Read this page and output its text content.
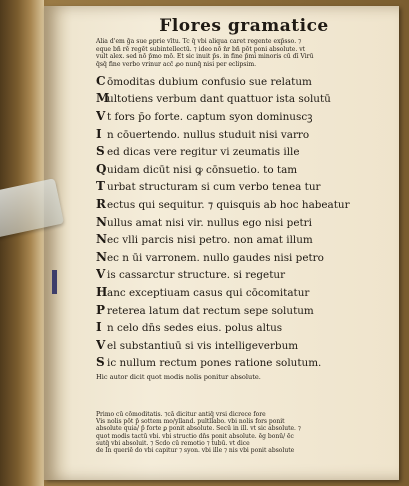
Flores gramatice
Alia d'em ḡa sue ꝑprie vītu. Tc q̄ vbi aliqua caret regente exp̄sso. ⁊
eque bñ rē regēt subintellectū. ⁊ ideo nō n̄r bñ pōt poni absolute. vt
vult alex. sed nō p̄mo mō. Et sic inuit p̄s. in fine p̄mi minoris cū dī Virū
q̄sq̄ fine verbo vrinur acc̄ ꝓo nunq̄ nisi per eclipsim.
Cōmoditas dubium confusio sue relatum
Multotiens verbum dant quattuor ista solutū
V t fors p̄o forte. captum syon dominuscꝫ
I n cōuertendo. nullus studuit nisi varro
S ed dicas vere regitur vi zeumatis ille
Quidam dicūt nisi ꝙ cōnsuetio. to tam
T urbat structuram si cum verbo tenea tur
Rectus qui sequitur. ⁊ quisquis ab hoc habeatur
Nullus amat nisi vir. nullus ego nisi petri
Nec vlli parcis nisi petro. non amat illum
Nec n ūi varronem. nullo gaudes nisi petro
V is cassarctur structure. si regetur
Hanc exceptiuam casus qui cōcomitatur
P reterea latum dat rectum sepe solutum
I n celo dn̄s sedes eius. polus altus
V el substantiuū si vis intelligeverbum
S ic nullum rectum pones ratione solutum.
Hic autor dicit quot modis nolis ponitur absolute.
Primo cū cōmoditatis. ⁊cā dicitur antiq̄ vrsi dicrece fore
Vis nolis pōt p̄ sottem mo/ylland. pultllabo. vbi nolis fors ponit
absolute quia/ p̄ forte ꝑ ponit absolute. Secū in ill. vt sic absolute. ⁊
quot modis tactū vbi. vbi structio dn̄s ponit absolute. ēg bonū/ ēc
sutq̄ vbi absoluit. ⁊ Scdo cū remotio ⁊ tubū. vt dice
de In queriē do vbi capitur ⁊ syon. vbi ille ⁊ nis vbi ponit absolute
